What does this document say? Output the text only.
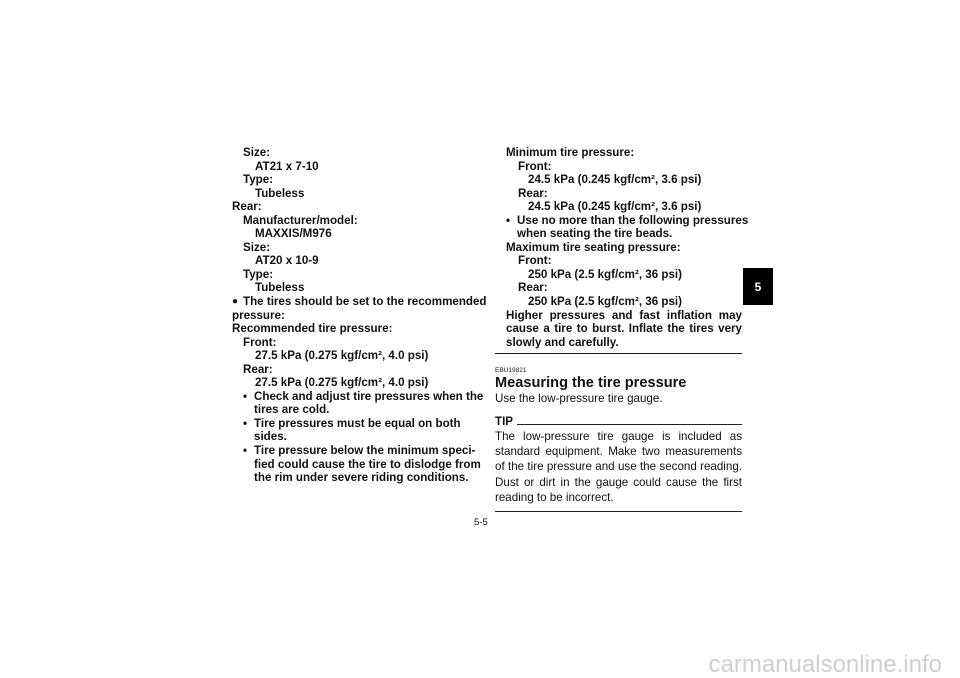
Size:
AT21 x 7-10
Type:
Tubeless
Rear:
Manufacturer/model:
MAXXIS/M976
Size:
AT20 x 10-9
Type:
Tubeless
● The tires should be set to the recommended
pressure:
Recommended tire pressure:
Front:
27.5 kPa (0.275 kgf/cm², 4.0 psi)
Rear:
27.5 kPa (0.275 kgf/cm², 4.0 psi)
• Check and adjust tire pressures when the
tires are cold.
• Tire pressures must be equal on both
sides.
• Tire pressure below the minimum speci-
fied could cause the tire to dislodge from
the rim under severe riding conditions.
Minimum tire pressure:
Front:
24.5 kPa (0.245 kgf/cm², 3.6 psi)
Rear:
24.5 kPa (0.245 kgf/cm², 3.6 psi)
• Use no more than the following pressures
when seating the tire beads.
Maximum tire seating pressure:
Front:
250 kPa (2.5 kgf/cm², 36 psi)
Rear:
250 kPa (2.5 kgf/cm², 36 psi)
Higher pressures and fast inflation may
cause a tire to burst. Inflate the tires very
slowly and carefully.
EBU19821
Measuring the tire pressure
Use the low-pressure tire gauge.
TIP
The low-pressure tire gauge is included as standard equipment. Make two measurements of the tire pressure and use the second reading. Dust or dirt in the gauge could cause the first reading to be incorrect.
5-5
5
carmanualsonline.info
